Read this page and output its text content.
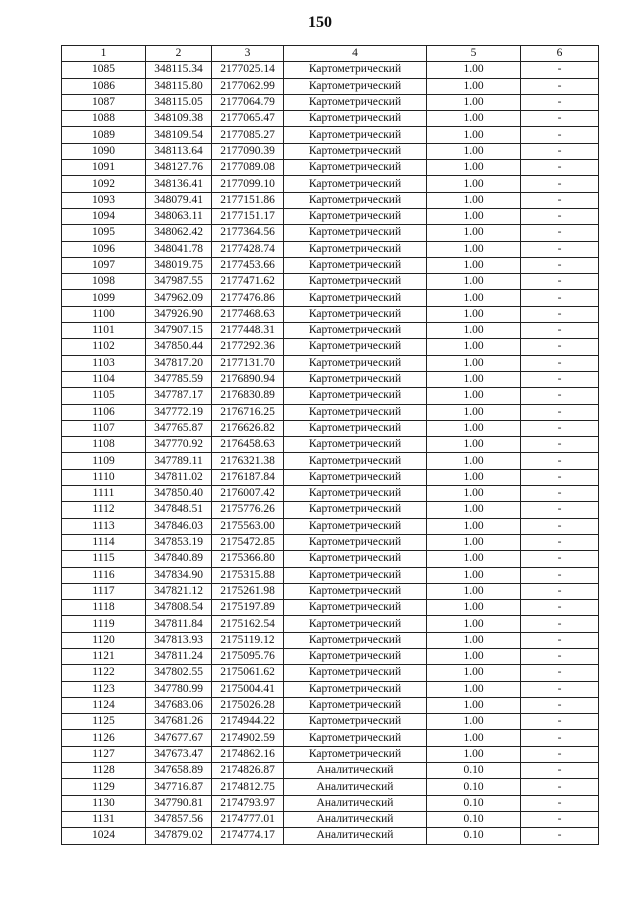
150
1	2	3	4	5	6
1085	348115.34	2177025.14	Картометрический	1.00	-
1086	348115.80	2177062.99	Картометрический	1.00	-
1087	348115.05	2177064.79	Картометрический	1.00	-
1088	348109.38	2177065.47	Картометрический	1.00	-
1089	348109.54	2177085.27	Картометрический	1.00	-
1090	348113.64	2177090.39	Картометрический	1.00	-
1091	348127.76	2177089.08	Картометрический	1.00	-
1092	348136.41	2177099.10	Картометрический	1.00	-
1093	348079.41	2177151.86	Картометрический	1.00	-
1094	348063.11	2177151.17	Картометрический	1.00	-
1095	348062.42	2177364.56	Картометрический	1.00	-
1096	348041.78	2177428.74	Картометрический	1.00	-
1097	348019.75	2177453.66	Картометрический	1.00	-
1098	347987.55	2177471.62	Картометрический	1.00	-
1099	347962.09	2177476.86	Картометрический	1.00	-
1100	347926.90	2177468.63	Картометрический	1.00	-
1101	347907.15	2177448.31	Картометрический	1.00	-
1102	347850.44	2177292.36	Картометрический	1.00	-
1103	347817.20	2177131.70	Картометрический	1.00	-
1104	347785.59	2176890.94	Картометрический	1.00	-
1105	347787.17	2176830.89	Картометрический	1.00	-
1106	347772.19	2176716.25	Картометрический	1.00	-
1107	347765.87	2176626.82	Картометрический	1.00	-
1108	347770.92	2176458.63	Картометрический	1.00	-
1109	347789.11	2176321.38	Картометрический	1.00	-
1110	347811.02	2176187.84	Картометрический	1.00	-
1111	347850.40	2176007.42	Картометрический	1.00	-
1112	347848.51	2175776.26	Картометрический	1.00	-
1113	347846.03	2175563.00	Картометрический	1.00	-
1114	347853.19	2175472.85	Картометрический	1.00	-
1115	347840.89	2175366.80	Картометрический	1.00	-
1116	347834.90	2175315.88	Картометрический	1.00	-
1117	347821.12	2175261.98	Картометрический	1.00	-
1118	347808.54	2175197.89	Картометрический	1.00	-
1119	347811.84	2175162.54	Картометрический	1.00	-
1120	347813.93	2175119.12	Картометрический	1.00	-
1121	347811.24	2175095.76	Картометрический	1.00	-
1122	347802.55	2175061.62	Картометрический	1.00	-
1123	347780.99	2175004.41	Картометрический	1.00	-
1124	347683.06	2175026.28	Картометрический	1.00	-
1125	347681.26	2174944.22	Картометрический	1.00	-
1126	347677.67	2174902.59	Картометрический	1.00	-
1127	347673.47	2174862.16	Картометрический	1.00	-
1128	347658.89	2174826.87	Аналитический	0.10	-
1129	347716.87	2174812.75	Аналитический	0.10	-
1130	347790.81	2174793.97	Аналитический	0.10	-
1131	347857.56	2174777.01	Аналитический	0.10	-
1024	347879.02	2174774.17	Аналитический	0.10	-
